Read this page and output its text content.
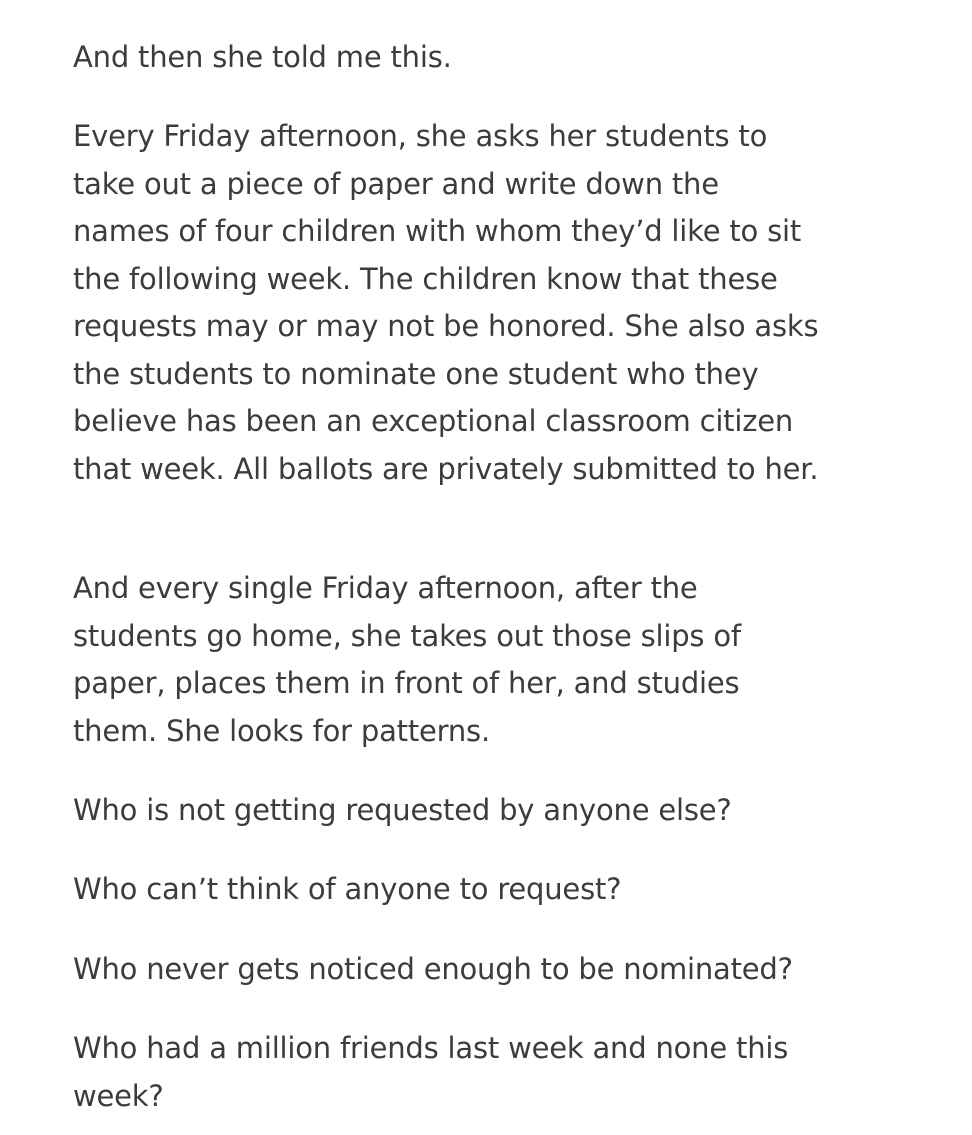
And then she told me this.

Every Friday afternoon, she asks her students to
take out a piece of paper and write down the
names of four children with whom they’d like to sit
the following week. The children know that these
requests may or may not be honored. She also asks
the students to nominate one student who they
believe has been an exceptional classroom citizen
that week. All ballots are privately submitted to her.

And every single Friday afternoon, after the
students go home, she takes out those slips of
paper, places them in front of her, and studies
them. She looks for patterns.

Who is not getting requested by anyone else?

Who can’t think of anyone to request?

Who never gets noticed enough to be nominated?

Who had a million friends last week and none this
week?
